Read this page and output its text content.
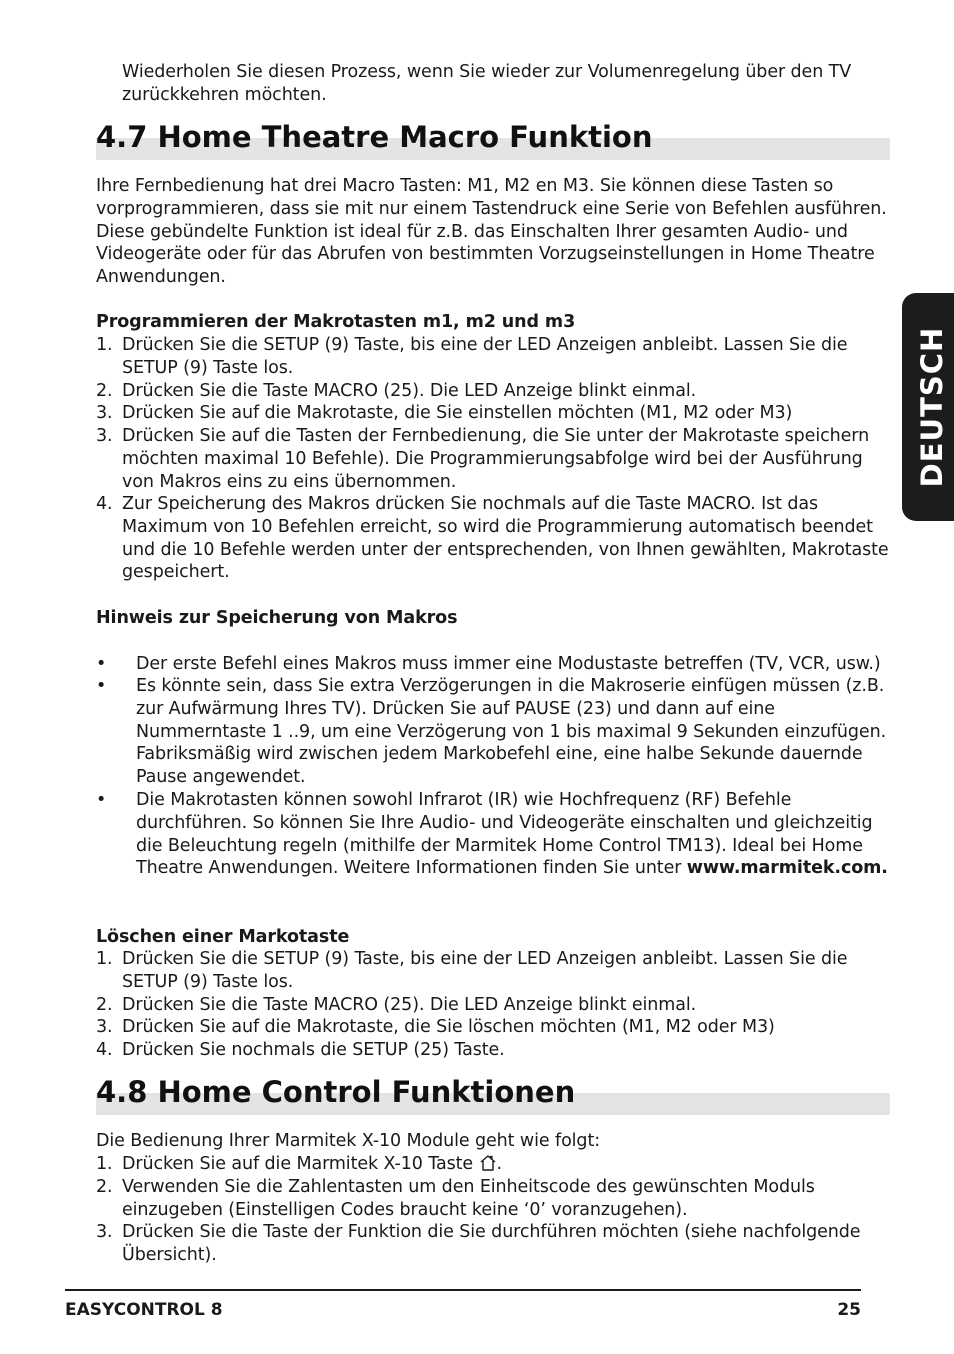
Wiederholen Sie diesen Prozess, wenn Sie wieder zur Volumenregelung über den TV zurückkehren möchten.
4.7 Home Theatre Macro Funktion
Ihre Fernbedienung hat drei Macro Tasten: M1, M2 en M3. Sie können diese Tasten so vorprogrammieren, dass sie mit nur einem Tastendruck eine Serie von Befehlen ausführen. Diese gebündelte Funktion ist ideal für z.B. das Einschalten Ihrer gesamten Audio- und Videogeräte oder für das Abrufen von bestimmten Vorzugseinstellungen in Home Theatre Anwendungen.
Programmieren der Makrotasten m1, m2 und m3
1. Drücken Sie die SETUP (9) Taste, bis eine der LED Anzeigen anbleibt. Lassen Sie die SETUP (9) Taste los.
2. Drücken Sie die Taste MACRO (25). Die LED Anzeige blinkt einmal.
3. Drücken Sie auf die Makrotaste, die Sie einstellen möchten (M1, M2 oder M3)
3. Drücken Sie auf die Tasten der Fernbedienung, die Sie unter der Makrotaste speichern möchten maximal 10 Befehle). Die Programmierungsabfolge wird bei der Ausführung von Makros eins zu eins übernommen.
4. Zur Speicherung des Makros drücken Sie nochmals auf die Taste MACRO. Ist das Maximum von 10 Befehlen erreicht, so wird die Programmierung automatisch beendet und die 10 Befehle werden unter der entsprechenden, von Ihnen gewählten, Makrotaste gespeichert.
Hinweis zur Speicherung von Makros
• Der erste Befehl eines Makros muss immer eine Modustaste betreffen (TV, VCR, usw.)
• Es könnte sein, dass Sie extra Verzögerungen in die Makroserie einfügen müssen (z.B. zur Aufwärmung Ihres TV). Drücken Sie auf PAUSE (23) und dann auf eine Nummerntaste 1 ..9, um eine Verzögerung von 1 bis maximal 9 Sekunden einzufügen. Fabriksmäßig wird zwischen jedem Markobefehl eine, eine halbe Sekunde dauernde Pause angewendet.
• Die Makrotasten können sowohl Infrarot (IR) wie Hochfrequenz (RF) Befehle durchführen. So können Sie Ihre Audio- und Videogeräte einschalten und gleichzeitig die Beleuchtung regeln (mithilfe der Marmitek Home Control TM13). Ideal bei Home Theatre Anwendungen. Weitere Informationen finden Sie unter www.marmitek.com.
Löschen einer Markotaste
1. Drücken Sie die SETUP (9) Taste, bis eine der LED Anzeigen anbleibt. Lassen Sie die SETUP (9) Taste los.
2. Drücken Sie die Taste MACRO (25). Die LED Anzeige blinkt einmal.
3. Drücken Sie auf die Makrotaste, die Sie löschen möchten (M1, M2 oder M3)
4. Drücken Sie nochmals die SETUP (25) Taste.
4.8 Home Control Funktionen
Die Bedienung Ihrer Marmitek X-10 Module geht wie folgt:
1. Drücken Sie auf die Marmitek X-10 Taste .
2. Verwenden Sie die Zahlentasten um den Einheitscode des gewünschten Moduls einzugeben (Einstelligen Codes braucht keine ‘0’ voranzugehen).
3. Drücken Sie die Taste der Funktion die Sie durchführen möchten (siehe nachfolgende Übersicht).
DEUTSCH
EASYCONTROL 8	25
